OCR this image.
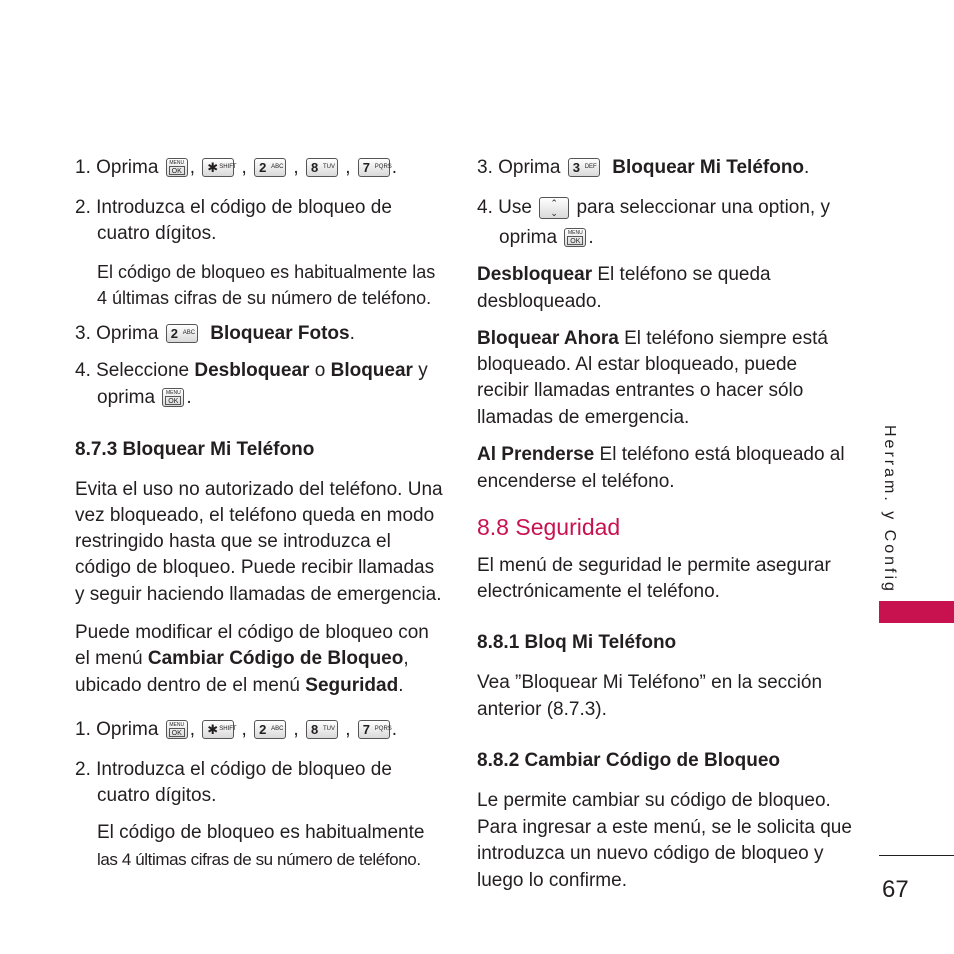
1. Oprima	MENU
OK , ✱ SHIFT , 2 ABC , 8 TUV , 7 PQRS .
2. Introduzca el código de bloqueo de
cuatro dígitos.
El código de bloqueo es habitualmente las
4 últimas cifras de su número de teléfono.
3. Oprima 2 ABC Bloquear Fotos.
4. Seleccione Desbloquear o Bloquear y
oprima	MENU
OK .
8.7.3 Bloquear Mi Teléfono
Evita el uso no autorizado del teléfono. Una
vez bloqueado, el teléfono queda en modo
restringido hasta que se introduzca el
código de bloqueo. Puede recibir llamadas
y seguir haciendo llamadas de emergencia.
Puede modificar el código de bloqueo con
el menú Cambiar Código de Bloqueo,
ubicado dentro de el menú Seguridad.
1. Oprima	MENU
OK , ✱ SHIFT , 2 ABC , 8 TUV , 7 PQRS .
2. Introduzca el código de bloqueo de
cuatro dígitos.
El código de bloqueo es habitualmente
las 4 últimas cifras de su número de teléfono.
3. Oprima 3 DEF Bloquear Mi Teléfono.
4. Use	⌃
⌄ para seleccionar una option, y
oprima	MENU
OK .
Desbloquear El teléfono se queda
desbloqueado.
Bloquear Ahora El teléfono siempre está
bloqueado. Al estar bloqueado, puede
recibir llamadas entrantes o hacer sólo
llamadas de emergencia.
Al Prenderse El teléfono está bloqueado al
encenderse el teléfono.
8.8 Seguridad
El menú de seguridad le permite asegurar
electrónicamente el teléfono.
8.8.1 Bloq Mi Teléfono
Vea ”Bloquear Mi Teléfono” en la sección
anterior (8.7.3).
8.8.2 Cambiar Código de Bloqueo
Le permite cambiar su código de bloqueo.
Para ingresar a este menú, se le solicita que
introduzca un nuevo código de bloqueo y
luego lo confirme.
Herram. y Config
67
